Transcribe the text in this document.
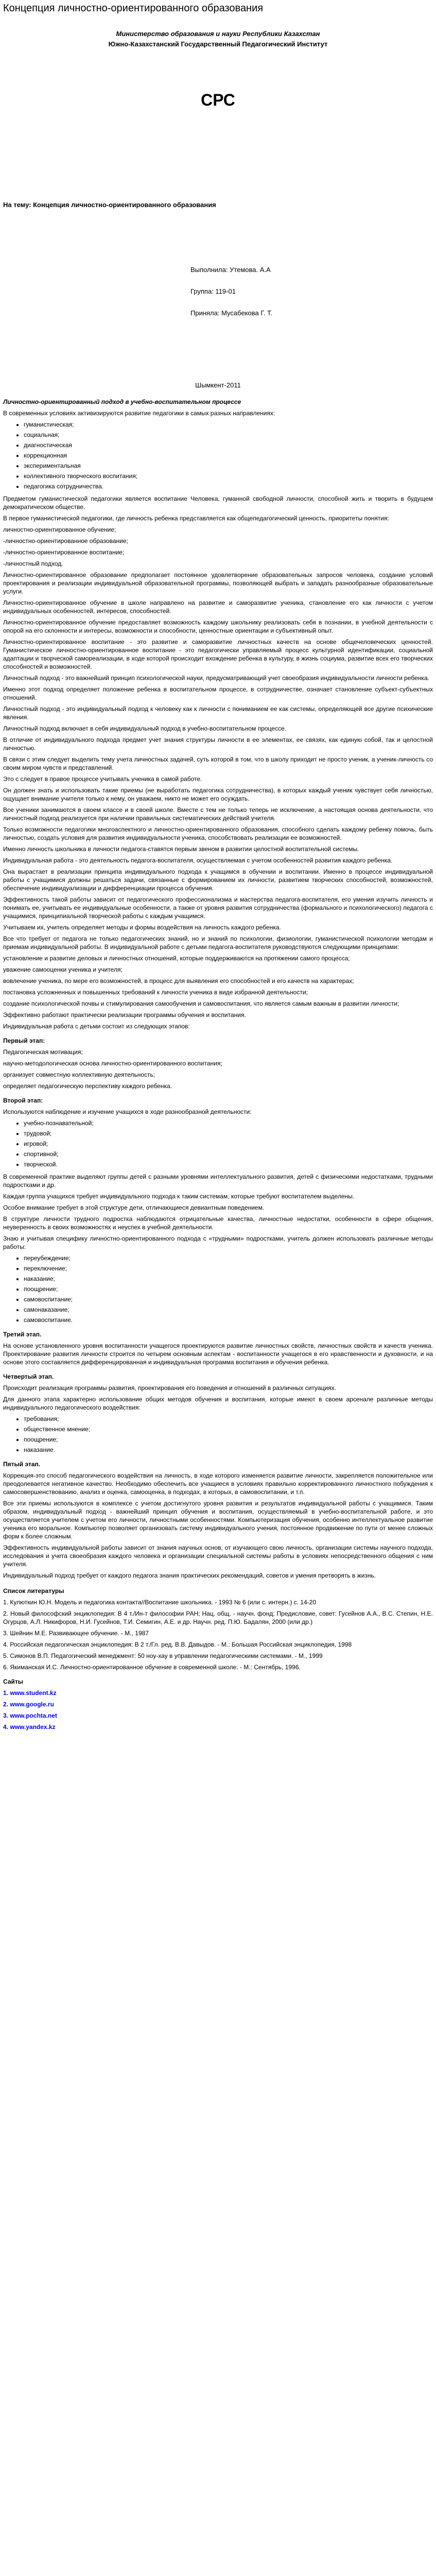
Концепция личностно-ориентированного образования
Министерство образования и науки Республики Казахстан
Южно-Казахстанский Государственный Педагогический Институт
СРС
На тему: Концепция личностно-ориентированного образования
Выполнила: Утемова. А.А
Группа: 119-01
Приняла: Мусабекова Г. Т.
Шымкент-2011

Личностно-ориентированный подход в учебно-воспитательном процессе

В современных условиях активизируются развитие педагогики в самых разных направлениях:

• гуманистическая;
• социальная;
• диагностическая
• коррекционная
• экспериментальная
• коллективного творческого воспитания;
• педагогика сотрудничества.

Предметом гуманистической педагогики является воспитание Человека, гуманной свободной личности, способной жить и творить в будущем демократическом обществе.

В первое гуманистической педагогики, где личность ребенка представляется как общепедагогический ценность, приоритеты понятия:

личностно-ориентированное обучение;

-личностно-ориентированное образование;

-личностно-ориентированное воспитание;

-личностный подход.

Личностно-ориентированное образование предполагает постоянное удовлетворение образовательных запросов человека, создание условий проектирования и реализации индивидуальной образовательной программы, позволяющей выбрать и западать разнообразные образовательные услуги.

Личностно-ориентированное обучение в школе направлено на развитие и саморазвитие ученика, становление его как личности с учетом индивидуальных особенностей, интересов, способностей.

Личностно-ориентированное обучение предоставляет возможность каждому школьнику реализовать себя в познании, в учебной деятельности с опорой на его склонности и интересы, возможности и способности, ценностные ориентации и субъективный опыт.

Личностно-ориентированное воспитание - это развитие и саморазвитие личностных качеств на основе общечеловеческих ценностей. Гуманистическое личностно-ориентированное воспитание - это педагогически управляемый процесс культурной идентификации, социальной адаптации и творческой самореализации, в ходе которой происходит вхождение ребенка в культуру, в жизнь социума, развитие всех его творческих способностей и возможностей.

Личностный подход - это важнейший принцип психологической науки, предусматривающий учет своеобразия индивидуальности личности ребенка.

Именно этот подход определяет положение ребенка в воспитательном процессе, в сотрудничестве, означает становление субъект-субъектных отношений.

Личностный подход - это индивидуальный подход к человеку как к личности с пониманием ее как системы, определяющей все другие психические явления.

Личностный подход включает в себя индивидуальный подход в учебно-воспитательном процессе.

В отличие от индивидуального подхода предмет учет знания структуры личности в ее элементах, ее связях, как единую собой, так и целостной личностью.

В связи с этим следует выделить тему учета личностных задачей, суть которой в том, что в школу приходит не просто ученик, а ученик-личность со своим миром чувств и представлений.

Это с следует в правое процессе учитывать ученика в самой работе.

Он должен знать и использовать такие приемы (не выработать педагогика сотрудничества), в которых каждый ученик чувствует себя личностью, ощущает внимание учителя только к нему, он уважаем, никто не может его осуждать.

Все ученики занимаются в своем классе и в своей школе. Вместе с тем не только теперь не исключение, а настоящая основа деятельности, что личностный подход реализуется при наличии правильных систематических действий учителя.

Только возможности педагогики многоаспектного и личностно-ориентированного образования, способного сделать каждому ребенку помочь, быть личностью, создать условия для развития индивидуальности ученика, способствовать реализации ее возможностей.

Именно личность школьника в личности педагога-ставятся первым звеном в развитии целостной воспитательной системы.

Индивидуальная работа - это деятельность педагога-воспитателя, осуществляемая с учетом особенностей развития каждого ребенка.

Она вырастает в реализации принципа индивидуального подхода к учащимся в обучении и воспитании. Именно в процессе индивидуальной работы с учащимися должны решаться задачи, связанные с формированием их личности, развитием творческих способностей, возможностей, обеспечение индивидуализации и дифференциации процесса обучения.

Эффективность такой работы зависит от педагогического профессионализма и мастерства педагога-воспитателя, его умения изучить личность и понимать ее, учитывать ее индивидуальные особенности, а также от уровня развития сотрудничества (формального и психологического) педагога с учащимися, принципиальной творческой работы с каждым учащимся.

Учитываем их, учитель определяет методы и формы воздействия на личность каждого ребенка.

Все что требует от педагога не только педагогических знаний, но и знаний по психологии, физиологии, гуманистической психологии методам и приемам индивидуальной работы. В индивидуальной работе с детьми педагога-воспитателя руководствуются следующими принципами:

установление и развитие деловых и личностных отношений, которые поддерживаются на протяжении самого процесса;

уважение самооценки ученика и учителя;

вовлечение ученика, по мере его возможностей, в процесс для выявления его способностей и его качеств на характерах;

постановка усложненных и повышенных требований к личности ученика в виде избранной деятельности;

создание психологической почвы и стимулирования самообучения и самовоспитания, что является самым важным в развитии личности;

Эффективно работают практически реализации программы обучения и воспитания.

Индивидуальная работа с детьми состоит из следующих этапов:

Первый этап:

Педагогическая мотивация;

научно-методологическая основа личностно-ориентированного воспитания;

организует совместную коллективную деятельность;

определяет педагогическую перспективу каждого ребенка.

Второй этап:

Используются наблюдение и изучение учащихся в ходе разнообразной деятельности:

• учебно-познавательной;
• трудовой;
• игровой;
• спортивной;
• творческой.

В современной практике выделяют группы детей с разными уровнями интеллектуального развития, детей с физическими недостатками, трудными подростками и др.

Каждая группа учащихся требует индивидуального подхода к таким системам, которые требуют воспитателем выделены.

Особое внимание требует в этой структуре дети, отличающиеся девиантным поведением.

В структуре личности трудного подростка наблюдаются отрицательные качества, личностные недостатки, особенности в сфере общения, неуверенность в своих возможностях и неуспех в учебной деятельности.

Знаю и учитывая специфику личностно-ориентированного подхода с «трудными» подростками, учитель должен использовать различные методы работы:

• переубеждение;
• переключение;
• наказание;
• поощрение;
• самовоспитание;
• самонаказание;
• самовоспитание.

Третий этап.

На основе установленного уровня воспитанности учащегося проектируются развитие личностных свойств, личностных свойств и качеств ученика. Проектирование развития личности строится по четырем основным аспектам - воспитанности учащегося в его нравственности и духовности, и на основе этого составляется дифференцированная и индивидуальная программа воспитания и обучения ребенка.

Четвертый этап.

Происходит реализация программы развития, проектирования его поведения и отношений в различных ситуациях.

Для данного этапа характерно использование общих методов обучения и воспитания, которые имеют в своем арсенале различные методы индивидуального педагогического воздействия:

• требования;
• общественное мнение;
• поощрение;
• наказание.

Пятый этап.

Коррекция-это способ педагогического воздействия на личность, в ходе которого изменяется развитие личности, закрепляется положительное или преодолевается негативное качество. Необходимо обеспечить все учащиеся в условиях правильно корректированного личностного побуждения к самосовершенствованию, анализ и оценка, самооценка, в подходах, в которых, в самовоспитании, и т.п.

Все эти приемы используются в комплексе с учетом достигнутого уровня развития и результатов индивидуальной работы с учащимися. Таким образом, индивидуальный подход - важнейший принцип обучения и воспитания, осуществляемый в учебно-воспитательной работе, и это осуществляется учителем с учетом его личности, личностными особенностями. Компьютеризация обучения, особенно интеллектуальное развитие ученика его моральное. Компьютер позволяет организовать систему индивидуального учения, постоянное продвижение по пути от менее сложных форм к более сложным.

Эффективность индивидуальной работы зависит от знания научных основ, от изучающего свою личность, организации системы научного подхода, исследования и учета своеобразия каждого человека и организации специальной системы работы в условиях непосредственного общения с ним учителя.

Индивидуальный подход требует от каждого педагога знания практических рекомендаций, советов и умения претворять в жизнь.

Список литературы

1. Кулюткин Ю.Н. Модель и педагогика контакта//Воспитание школьника. - 1993 № 6 (или с. интерн.) с. 14-20

2. Новый философский энциклопедия: В 4 т./Ин-т философии РАН; Нац. общ. - научн. фонд; Предисловие, совет: Гусейнов А.А., В.С. Степин, Н.Е. Огурцов, А.Л. Никифоров, Н.И. Гусейнов, Т.И. Семигин, А.Е. и др. Научн. ред. П.Ю. Бадалян, 2000 (или др.)

3. Шейнин М.Е. Развивающее обучение. - М., 1987

4. Российская педагогическая энциклопедия: В 2 т./Гл. ред. В.В. Давыдов. - М.: Большая Российская энциклопедия, 1998

5. Симонов В.П. Педагогический менеджмент: 50 ноу-хау в управлении педагогическими системами. - М., 1999

6. Якиманская И.С. Личностно-ориентированное обучение в современной школе. - М.: Сентябрь, 1996.

Сайты

1. www.student.kz

2. www.google.ru

3. www.pochta.net

4. www.yandex.kz
